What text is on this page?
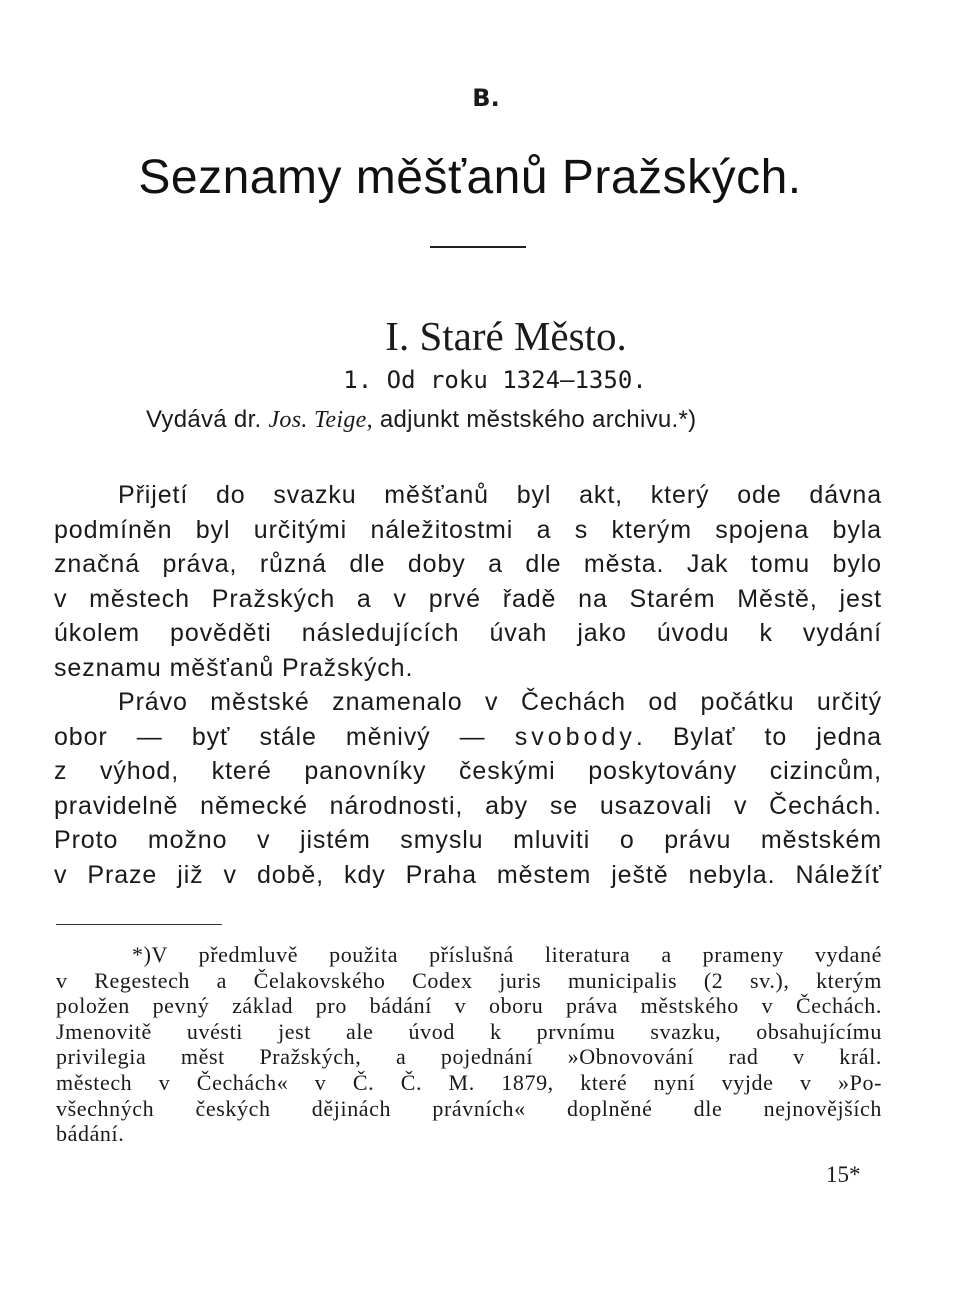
B.
Seznamy měšťanů Pražských.
I. Staré Město.
1. Od roku 1324—1350.
Vydává dr. Jos. Teige, adjunkt městského archivu.*)
Přijetí do svazku měšťanů byl akt, který ode dávna
podmíněn byl určitými náležitostmi a s kterým spojena byla
značná práva, různá dle doby a dle města. Jak tomu bylo
v městech Pražských a v prvé řadě na Starém Městě, jest
úkolem pověděti následujících úvah jako úvodu k vydání
seznamu měšťanů Pražských.
Právo městské znamenalo v Čechách od počátku určitý
obor — byť stále měnivý — svobody. Bylať to jedna
z výhod, které panovníky českými poskytovány cizincům,
pravidelně německé národnosti, aby se usazovali v Čechách.
Proto možno v jistém smyslu mluviti o právu městském
v Praze již v době, kdy Praha městem ještě nebyla. Náležíť
*)V předmluvě použita příslušná literatura a prameny vydané
v Regestech a Čelakovského Codex juris municipalis (2 sv.), kterým
položen pevný základ pro bádání v oboru práva městského v Čechách.
Jmenovitě uvésti jest ale úvod k prvnímu svazku, obsahujícímu
privilegia měst Pražských, a pojednání »Obnovování rad v král.
městech v Čechách« v Č. Č. M. 1879, které nyní vyjde v »Po-
všechných českých dějinách právních« doplněné dle nejnovějších
bádání.
15*
